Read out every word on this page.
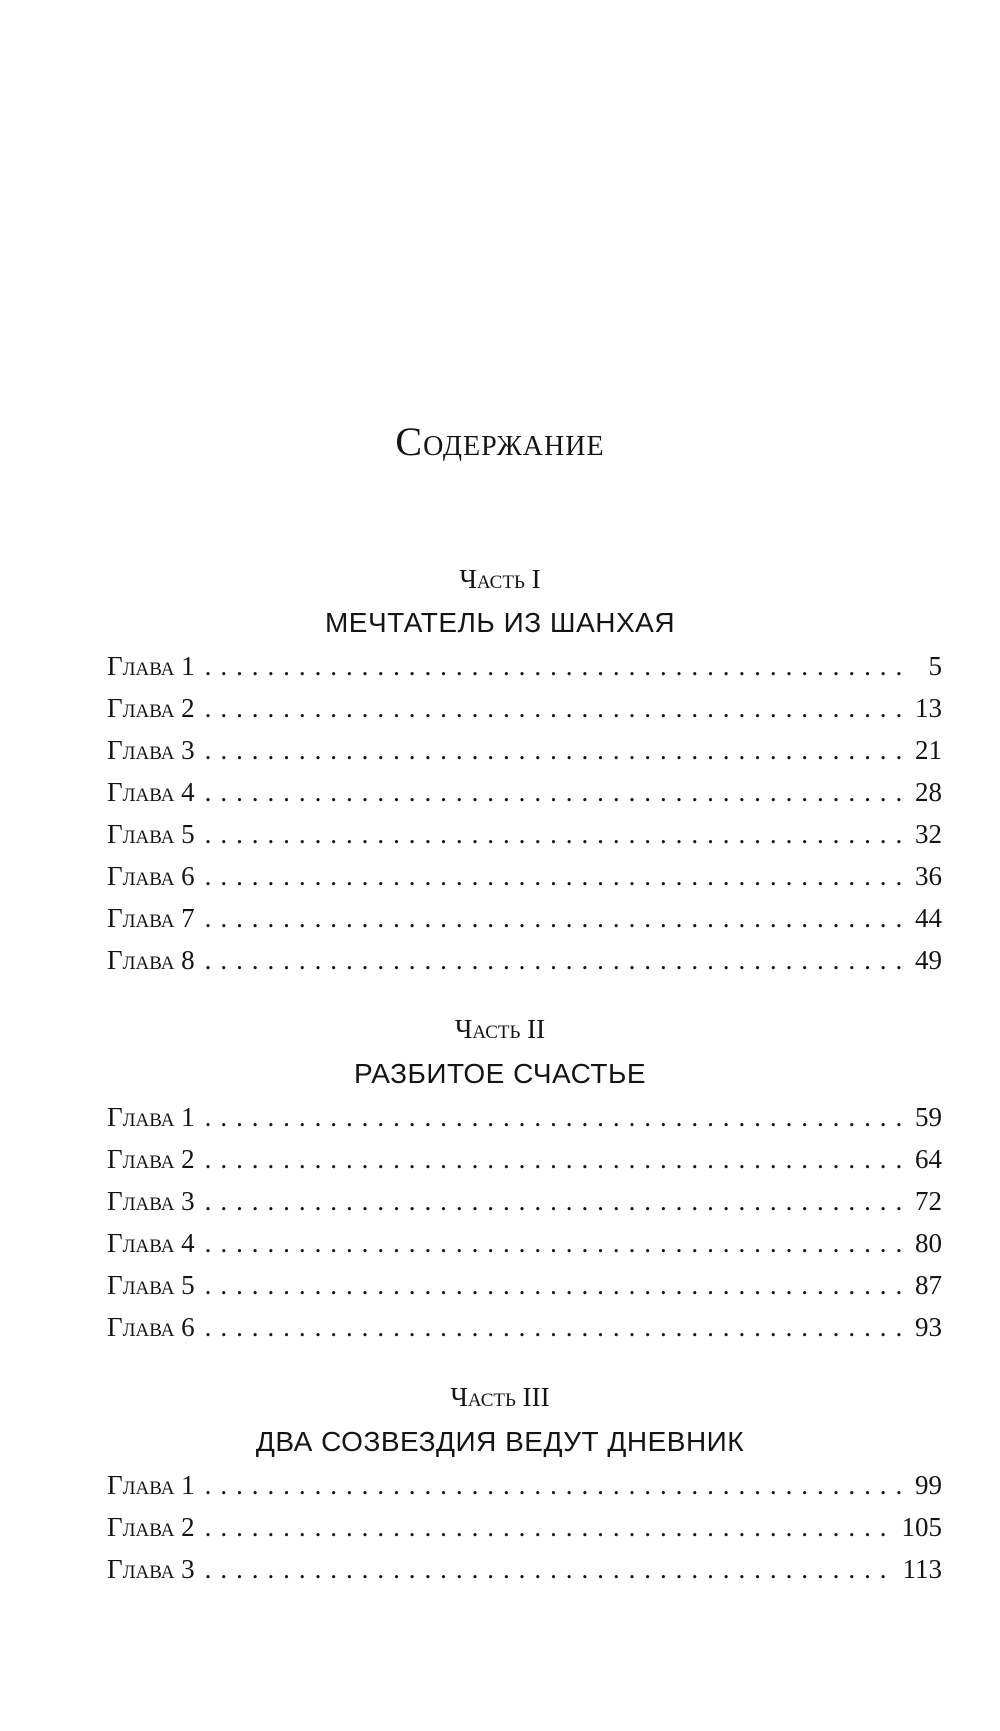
Содержание
Часть I
МЕЧТАТЕЛЬ ИЗ ШАНХАЯ
Глава 1 . . .	5
Глава 2 . . .	13
Глава 3 . . .	21
Глава 4 . . .	28
Глава 5 . . .	32
Глава 6 . . .	36
Глава 7 . . .	44
Глава 8 . . .	49
Часть II
РАЗБИТОЕ СЧАСТЬЕ
Глава 1 . . .	59
Глава 2 . . .	64
Глава 3 . . .	72
Глава 4 . . .	80
Глава 5 . . .	87
Глава 6 . . .	93
Часть III
ДВА СОЗВЕЗДИЯ ВЕДУТ ДНЕВНИК
Глава 1 . . .	99
Глава 2 . . .	105
Глава 3 . . .	113
